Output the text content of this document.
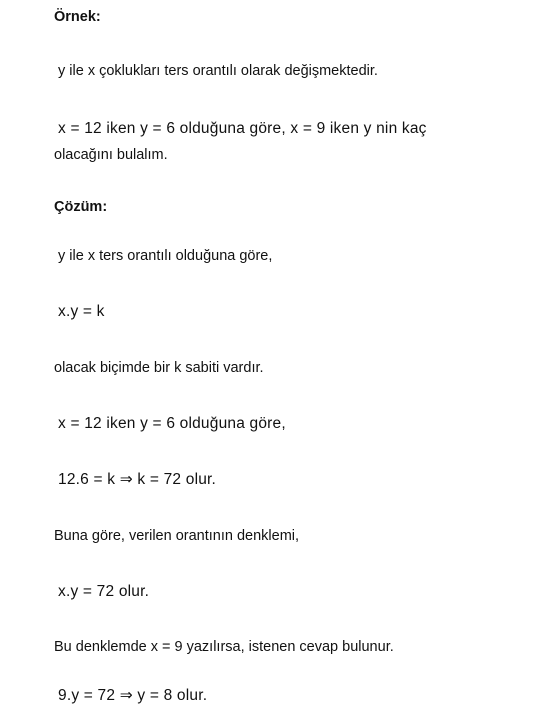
Örnek:

y ile x çoklukları ters orantılı olarak değişmektedir.

x = 12 iken y = 6 olduğuna göre, x = 9 iken y nin kaç

olacağını bulalım.

Çözüm:

y ile x ters orantılı olduğuna göre,

x.y = k

olacak biçimde bir k sabiti vardır.

x = 12 iken y = 6 olduğuna göre,

12.6 = k ⇒ k = 72 olur.

Buna göre, verilen orantının denklemi,

x.y = 72 olur.

Bu denklemde x = 9 yazılırsa, istenen cevap bulunur.

9.y = 72 ⇒ y = 8 olur.
